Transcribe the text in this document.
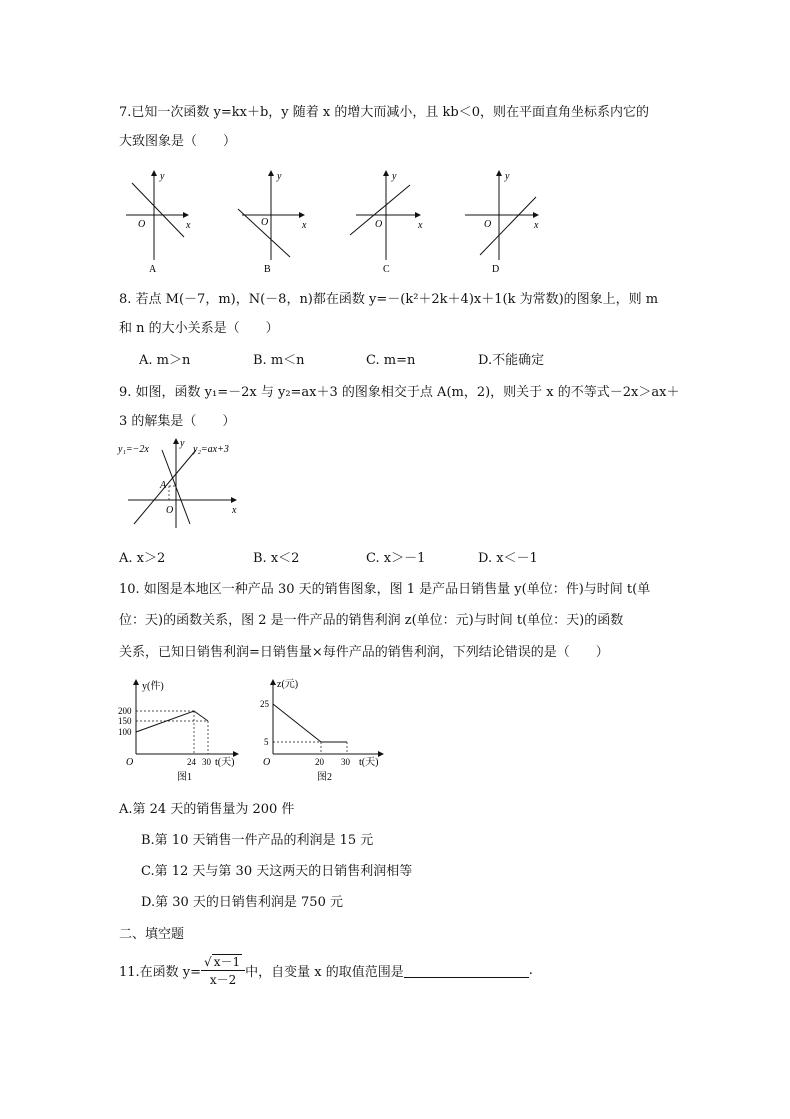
7.已知一次函数 y=kx＋b，y 随着 x 的增大而减小，且 kb＜0，则在平面直角坐标系内它的
大致图象是（　　）
y
x
O
A
y
x
O
B
y
x
O
C
y
x
O
D
8. 若点 M(－7，m)，N(－8，n)都在函数 y=－(k²＋2k＋4)x＋1(k 为常数)的图象上，则 m
和 n 的大小关系是（　　）
A. m＞n	B. m＜n	C. m=n	D.不能确定
9. 如图，函数 y₁=－2x 与 y₂=ax＋3 的图象相交于点 A(m，2)，则关于 x 的不等式－2x＞ax＋
3 的解集是（　　）
y₁=−2x	y₂=ax+3
y
x
O
A
A. x＞2	B. x＜2	C. x＞－1	D. x＜－1
10. 如图是本地区一种产品 30 天的销售图象，图 1 是产品日销售量 y(单位：件)与时间 t(单
位：天)的函数关系，图 2 是一件产品的销售利润 z(单位：元)与时间 t(单位：天)的函数
关系，已知日销售利润=日销售量×每件产品的销售利润，下列结论错误的是（　　）
y(件)
200
150
100
O	24 30 t(天)
图1
z(元)
25
5
O	20 30 t(天)
图2
A.第 24 天的销售量为 200 件
B.第 10 天销售一件产品的利润是 15 元
C.第 12 天与第 30 天这两天的日销售利润相等
D.第 30 天的日销售利润是 750 元
二、填空题
11.在函数 $y= \frac{√ x-1}{x-2}$ 中，自变量 x 的取值范围是	.
